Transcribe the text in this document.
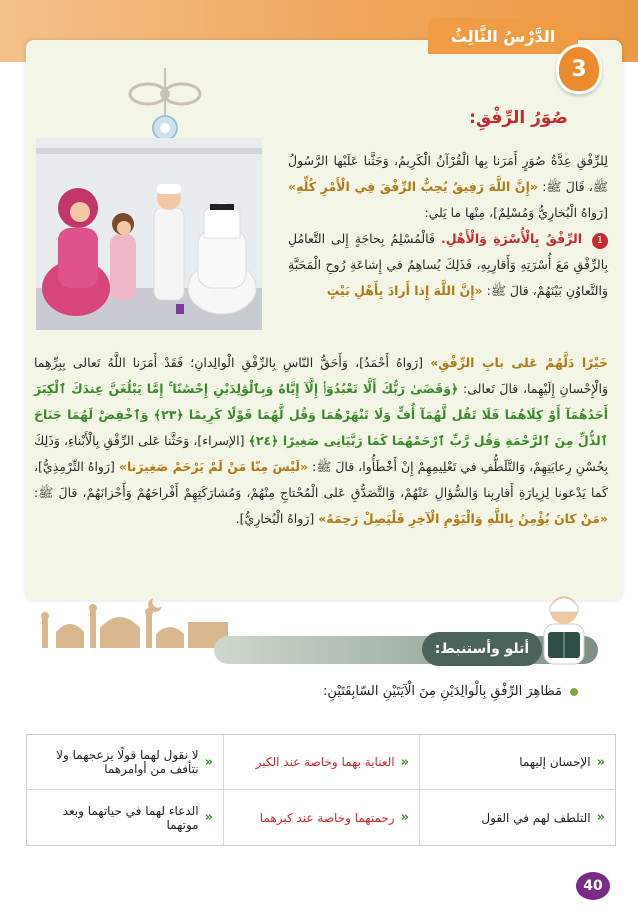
الدَّرْسُ الثَّالِثُ
3
صُوَرُ الرِّفْقِ:
لِلرِّفْقِ عِدَّةُ صُوَرٍ أَمَرَنا بِها الْقُرْآنُ الْكَرِيمُ، وَحَثَّنا عَلَيْها الرَّسُولُ ﷺ، قَالَ ﷺ: «إِنَّ اللَّهَ رَفِيقٌ يُحِبُّ الرِّفْقَ فِي الْأَمْرِ كُلِّهِ» [رَواهُ الْبُخارِيُّ وَمُسْلِمٌ]، مِنْها ما يَلي:
1 الرِّفْقُ بِالْأُسْرَةِ وَالْأَهْلِ. فَالْمُسْلِمُ بِحاجَةٍ إِلى التَّعامُلِ بِالرِّفْقِ مَعَ أُسْرَتِهِ وَأَقارِبِهِ، فَذَلِكَ يُساهِمُ في إِشاعَةِ رُوحِ الْمَحَبَّةِ وَالتَّعاوُنِ بَيْنَهُمْ، قالَ ﷺ: «إِنَّ اللَّهَ إِذا أَرادَ بِأَهْلِ بَيْتٍ
خَيْرًا دَلَّهُمْ عَلى بابِ الرِّفْقِ» [رَواهُ أَحْمَدُ]، وَأَحَقُّ النّاسِ بِالرِّفْقِ الْوالِدانِ؛ فَقَدْ أَمَرَنا اللَّهُ تَعالى بِبِرِّهِما وَالْإِحْسانِ إِلَيْهِما، قالَ تَعالى: ﴿وَقَضَىٰ رَبُّكَ أَلَّا تَعْبُدُوٓا۟ إِلَّآ إِيَّاهُ وَبِٱلْوَٰلِدَيْنِ إِحْسَٰنًا ۚ إِمَّا يَبْلُغَنَّ عِندَكَ ٱلْكِبَرَ أَحَدُهُمَآ أَوْ كِلَاهُمَا فَلَا تَقُل لَّهُمَآ أُفٍّ وَلَا تَنْهَرْهُمَا وَقُل لَّهُمَا قَوْلًا كَرِيمًا ﴿٢٣﴾ وَٱخْفِضْ لَهُمَا جَنَاحَ ٱلذُّلِّ مِنَ ٱلرَّحْمَةِ وَقُل رَّبِّ ٱرْحَمْهُمَا كَمَا رَبَّيَانِى صَغِيرًا ﴿٢٤﴾ [الإسراء]، وَحَثَّنا عَلى الرِّفْقِ بِالْأَبْناءِ، وَذَلِكَ بِحُسْنِ رِعايَتِهِمْ، وَالتَّلَطُّفِ في تَعْلِيمِهِمْ إِنْ أَخْطَأُوا، قالَ ﷺ: «لَيْسَ مِنّا مَنْ لَمْ يَرْحَمْ صَغِيرَنا» [رَواهُ التِّرْمِذِيُّ]، كَما يَدْعونا لِزِيارَةِ أَقارِبِنا وَالسُّؤالِ عَنْهُمْ، وَالتَّصَدُّقِ عَلى الْمُحْتاجِ مِنْهُمْ، وَمُشارَكَتِهِمْ أَفْراحَهُمْ وَأَحْزانَهُمْ، قالَ ﷺ: «مَنْ كانَ يُؤْمِنُ بِاللَّهِ وَالْيَوْمِ الْآخِرِ فَلْيَصِلْ رَحِمَهُ» [رَواهُ الْبُخارِيُّ].
أتلو وأستنبط:
مَظاهِرَ الرِّفْقِ بِالْوالِدَيْنِ مِنَ الْآيَتَيْنِ السّابِقَتَيْنِ:
«
الإحسان إليهما
«
العناية بهما وخاصة عند الكبر
«
لا نقول لهما قولًا يزعجهما ولا نتأفف من أوامرهما
«
التلطف لهم في القول
«
رحمتهما وخاصة عند كبرهما
«
الدعاء لهما في حياتهما وبعد موتهما
40
